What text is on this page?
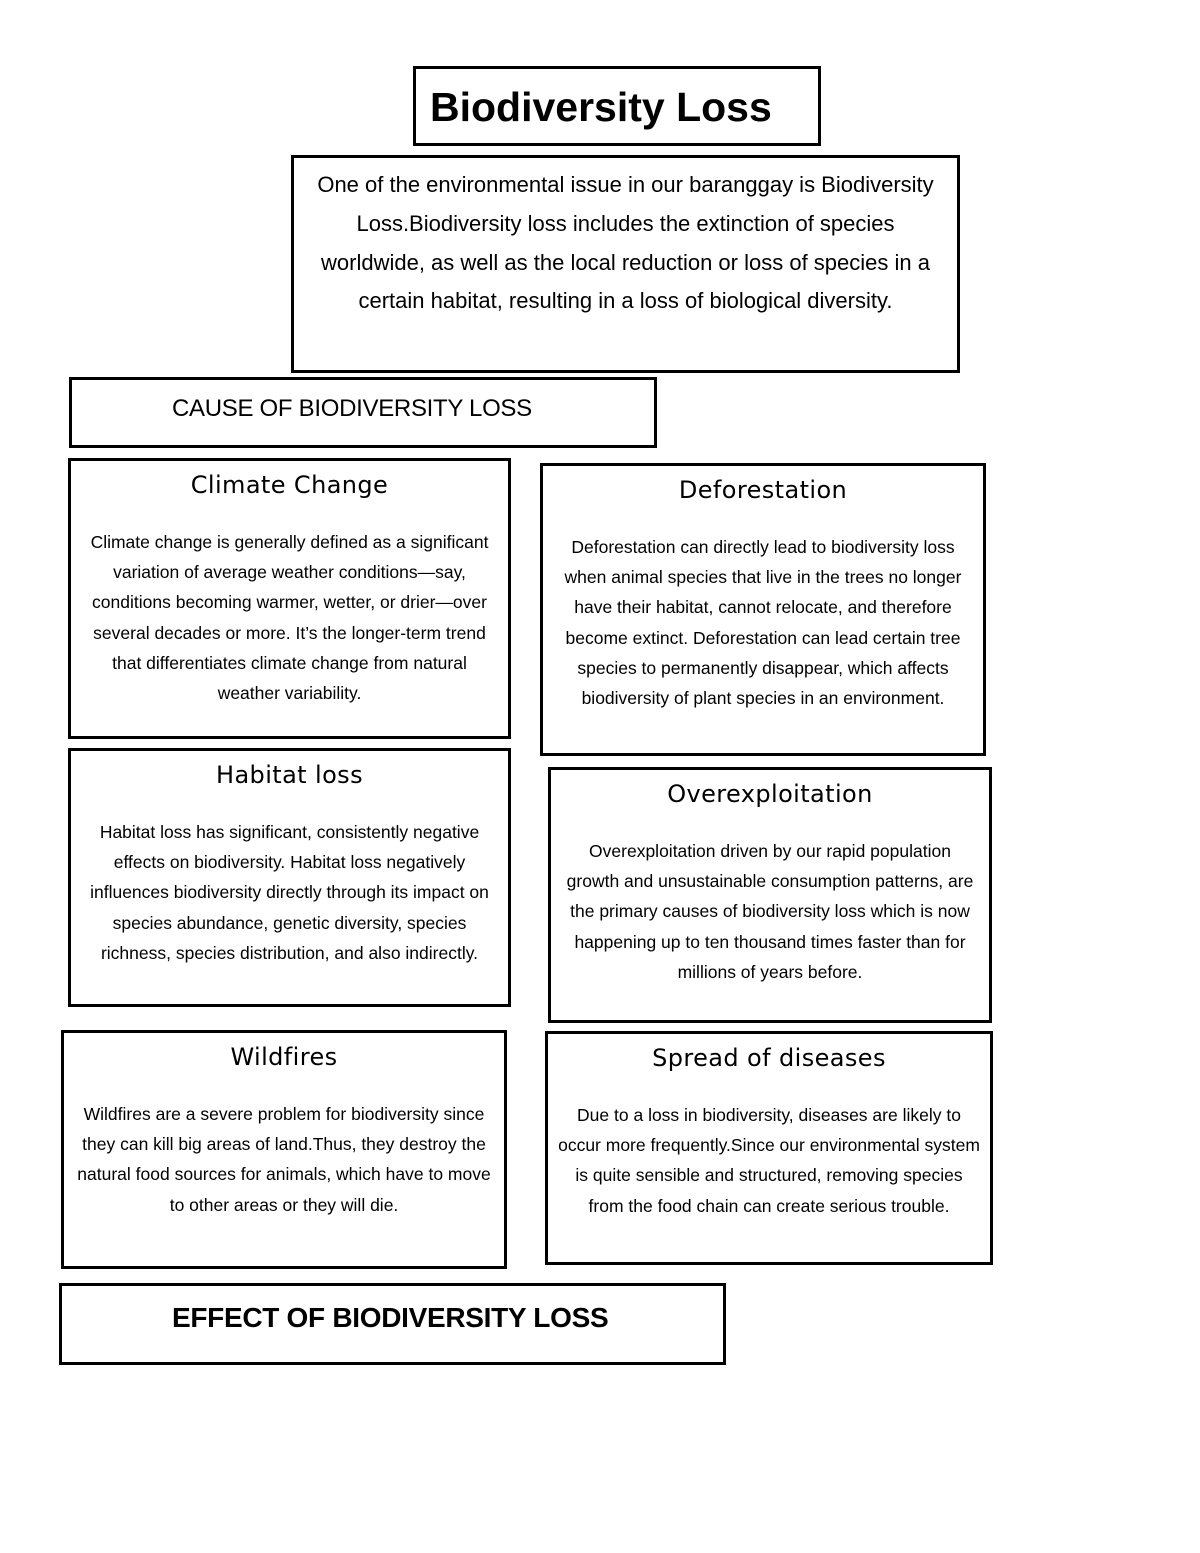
Biodiversity Loss
One of the environmental issue in our baranggay is Biodiversity Loss.Biodiversity loss includes the extinction of species worldwide, as well as the local reduction or loss of species in a certain habitat, resulting in a loss of biological diversity.
CAUSE OF BIODIVERSITY LOSS
Climate Change
Climate change is generally defined as a significant variation of average weather conditions—say, conditions becoming warmer, wetter, or drier—over several decades or more. It’s the longer-term trend that differentiates climate change from natural weather variability.
Deforestation
Deforestation can directly lead to biodiversity loss when animal species that live in the trees no longer have their habitat, cannot relocate, and therefore become extinct. Deforestation can lead certain tree species to permanently disappear, which affects biodiversity of plant species in an environment.
Habitat loss
Habitat loss has significant, consistently negative effects on biodiversity. Habitat loss negatively influences biodiversity directly through its impact on species abundance, genetic diversity, species richness, species distribution, and also indirectly.
Overexploitation
Overexploitation driven by our rapid population growth and unsustainable consumption patterns, are the primary causes of biodiversity loss which is now happening up to ten thousand times faster than for millions of years before.
Wildfires
Wildfires are a severe problem for biodiversity since they can kill big areas of land.Thus, they destroy the natural food sources for animals, which have to move to other areas or they will die.
Spread of diseases
Due to a loss in biodiversity, diseases are likely to occur more frequently.Since our environmental system is quite sensible and structured, removing species from the food chain can create serious trouble.
EFFECT OF BIODIVERSITY LOSS
